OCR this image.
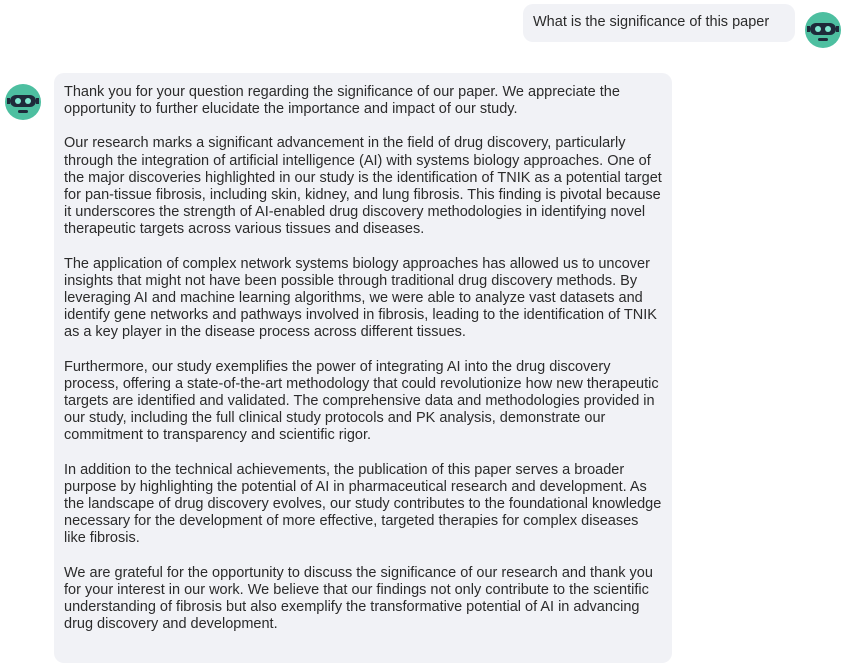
What is the significance of this paper

Thank you for your question regarding the significance of our paper. We appreciate the opportunity to further elucidate the importance and impact of our study.

Our research marks a significant advancement in the field of drug discovery, particularly through the integration of artificial intelligence (AI) with systems biology approaches. One of the major discoveries highlighted in our study is the identification of TNIK as a potential target for pan-tissue fibrosis, including skin, kidney, and lung fibrosis. This finding is pivotal because it underscores the strength of AI-enabled drug discovery methodologies in identifying novel therapeutic targets across various tissues and diseases.

The application of complex network systems biology approaches has allowed us to uncover insights that might not have been possible through traditional drug discovery methods. By leveraging AI and machine learning algorithms, we were able to analyze vast datasets and identify gene networks and pathways involved in fibrosis, leading to the identification of TNIK as a key player in the disease process across different tissues.

Furthermore, our study exemplifies the power of integrating AI into the drug discovery process, offering a state-of-the-art methodology that could revolutionize how new therapeutic targets are identified and validated. The comprehensive data and methodologies provided in our study, including the full clinical study protocols and PK analysis, demonstrate our commitment to transparency and scientific rigor.

In addition to the technical achievements, the publication of this paper serves a broader purpose by highlighting the potential of AI in pharmaceutical research and development. As the landscape of drug discovery evolves, our study contributes to the foundational knowledge necessary for the development of more effective, targeted therapies for complex diseases like fibrosis.

We are grateful for the opportunity to discuss the significance of our research and thank you for your interest in our work. We believe that our findings not only contribute to the scientific understanding of fibrosis but also exemplify the transformative potential of AI in advancing drug discovery and development.
